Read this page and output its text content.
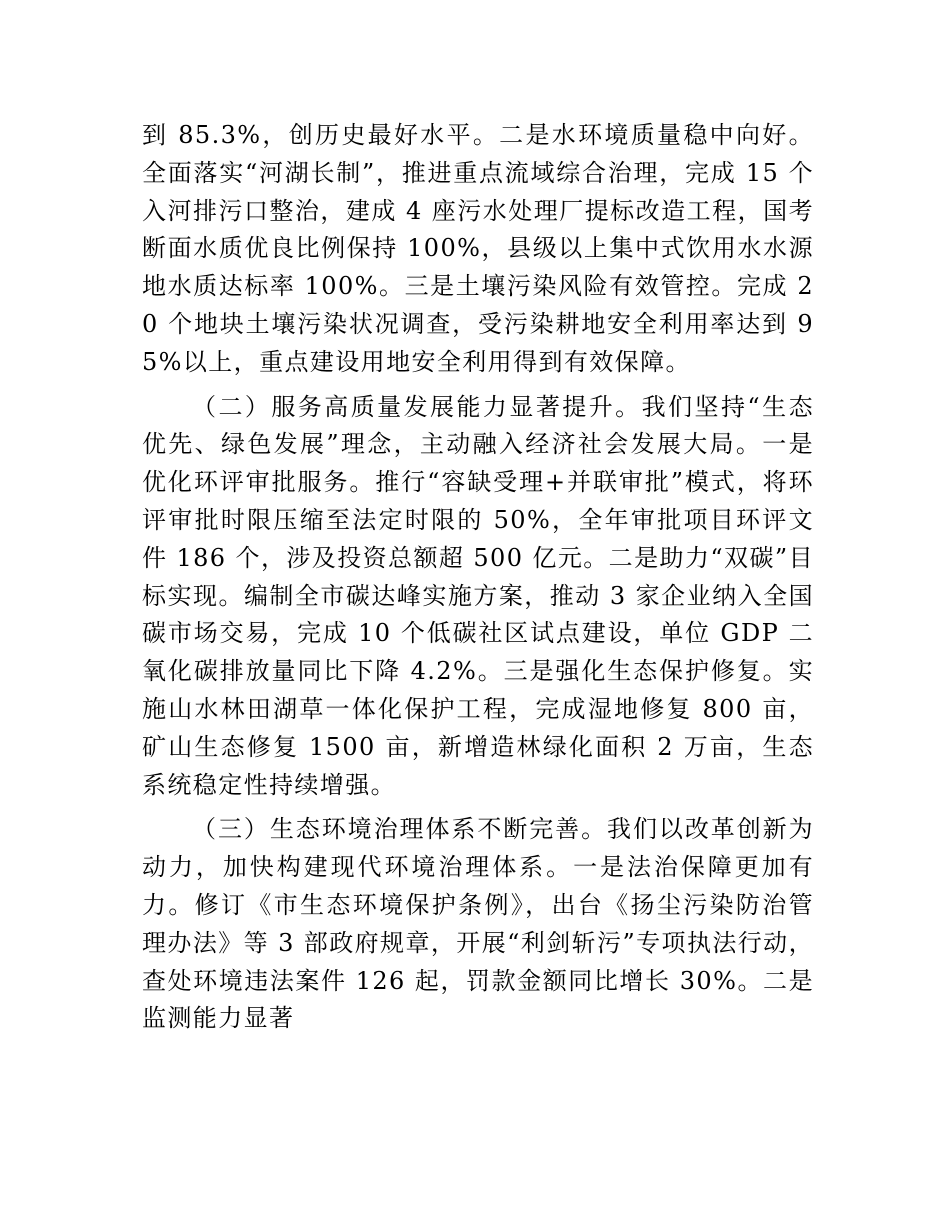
到 85.3%，创历史最好水平。二是水环境质量稳中向好。全面落实“河湖长制”，推进重点流域综合治理，完成 15 个入河排污口整治，建成 4 座污水处理厂提标改造工程，国考断面水质优良比例保持 100%，县级以上集中式饮用水水源地水质达标率 100%。三是土壤污染风险有效管控。完成 20 个地块土壤污染状况调查，受污染耕地安全利用率达到 95%以上，重点建设用地安全利用得到有效保障。

（二）服务高质量发展能力显著提升。我们坚持“生态优先、绿色发展”理念，主动融入经济社会发展大局。一是优化环评审批服务。推行“容缺受理+并联审批”模式，将环评审批时限压缩至法定时限的 50%，全年审批项目环评文件 186 个，涉及投资总额超 500 亿元。二是助力“双碳”目标实现。编制全市碳达峰实施方案，推动 3 家企业纳入全国碳市场交易，完成 10 个低碳社区试点建设，单位 GDP 二氧化碳排放量同比下降 4.2%。三是强化生态保护修复。实施山水林田湖草一体化保护工程，完成湿地修复 800 亩，矿山生态修复 1500 亩，新增造林绿化面积 2 万亩，生态系统稳定性持续增强。

（三）生态环境治理体系不断完善。我们以改革创新为动力，加快构建现代环境治理体系。一是法治保障更加有力。修订《市生态环境保护条例》，出台《扬尘污染防治管理办法》等 3 部政府规章，开展“利剑斩污”专项执法行动，查处环境违法案件 126 起，罚款金额同比增长 30%。二是监测能力显著
